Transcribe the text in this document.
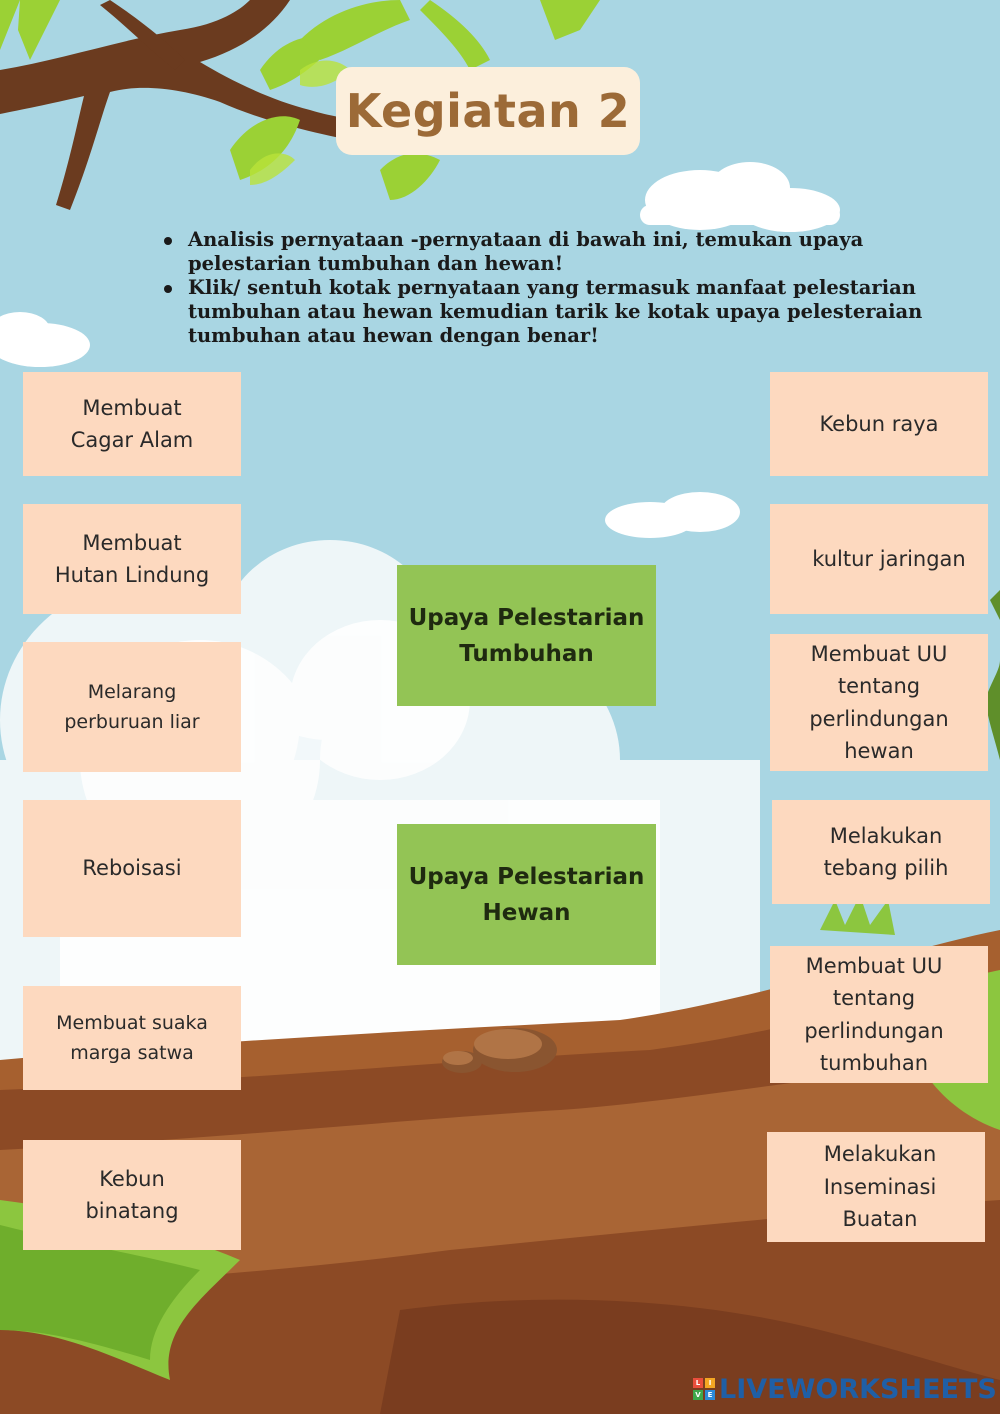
Kegiatan 2
Analisis pernyataan -pernyataan di bawah ini, temukan upaya pelestarian tumbuhan dan hewan!
Klik/ sentuh kotak pernyataan yang termasuk manfaat pelestarian tumbuhan atau hewan kemudian tarik ke kotak upaya pelesteraian tumbuhan atau hewan dengan benar!
Membuat
Cagar Alam
Membuat
Hutan Lindung
Melarang
perburuan liar
Reboisasi
Membuat suaka
marga satwa
Kebun
binatang
Upaya Pelestarian
Tumbuhan
Upaya Pelestarian
Hewan
Kebun raya
kultur jaringan
Membuat UU
tentang
perlindungan
hewan
Melakukan
tebang pilih
Membuat UU
tentang
perlindungan
tumbuhan
Melakukan
Inseminasi
Buatan
L	I
V E LIVEWORKSHEETS
